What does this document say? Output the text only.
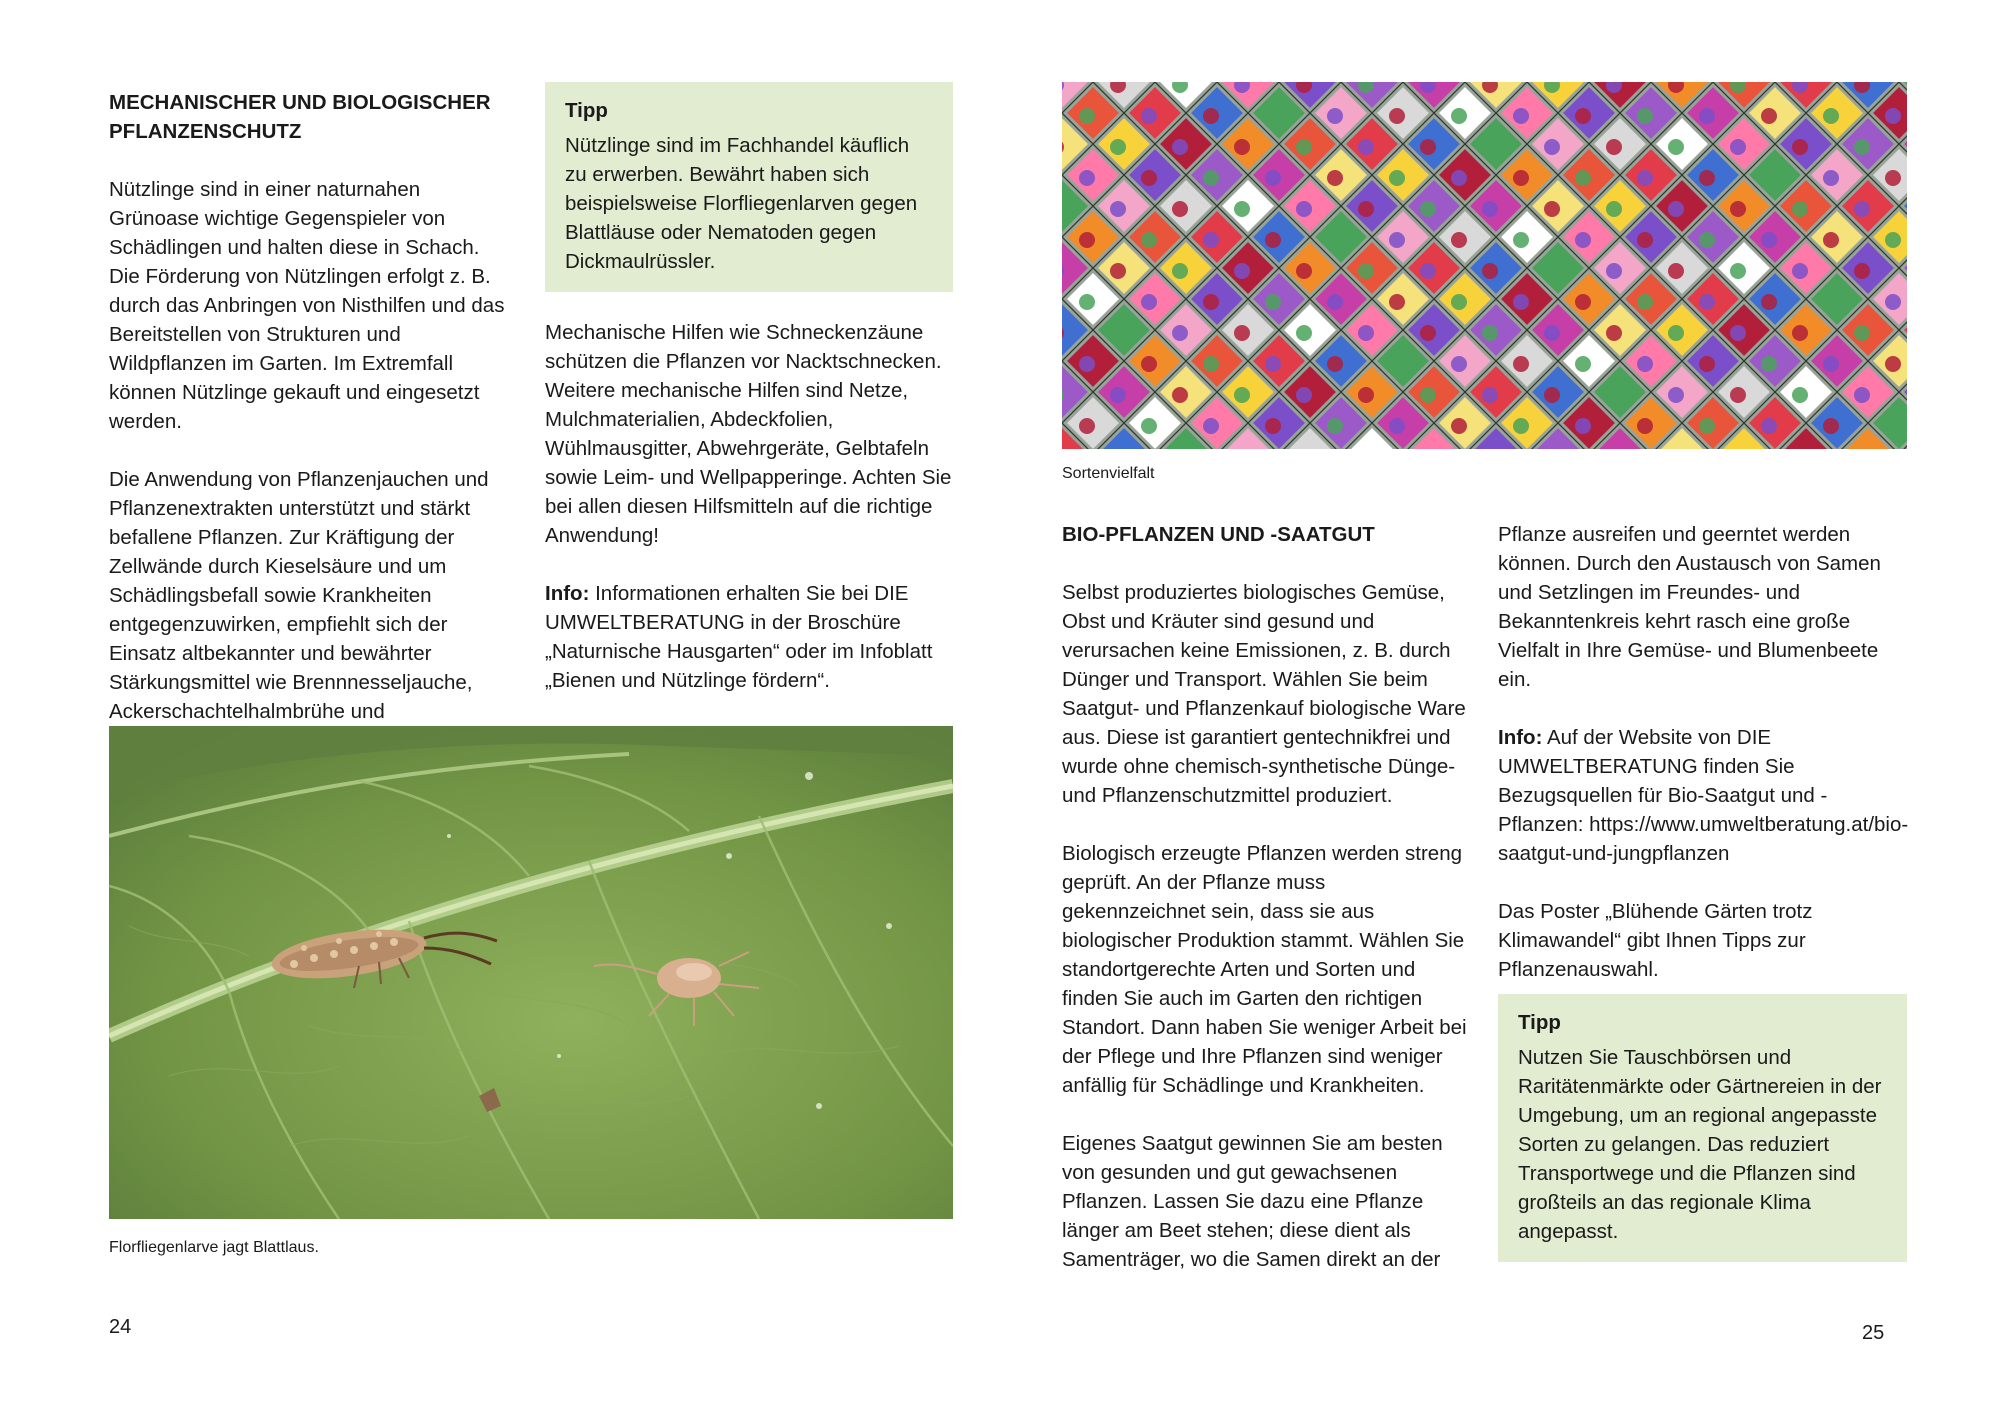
MECHANISCHER UND BIOLOGISCHER
PFLANZENSCHUTZ

Nützlinge sind in einer naturnahen Grünoase wichtige Gegenspieler von Schädlingen und halten diese in Schach. Die Förderung von Nützlingen erfolgt z. B. durch das Anbringen von Nisthilfen und das Bereitstellen von Strukturen und Wildpflanzen im Garten. Im Extremfall können Nützlinge gekauft und eingesetzt werden.

Die Anwendung von Pflanzenjauchen und Pflanzenextrakten unterstützt und stärkt befallene Pflanzen. Zur Kräftigung der Zellwände durch Kieselsäure und um Schädlingsbefall sowie Krankheiten entgegenzuwirken, empfiehlt sich der Einsatz altbekannter und bewährter Stärkungsmittel wie Brennnesseljauche, Ackerschachtelhalmbrühe und

Tipp
Nützlinge sind im Fachhandel käuflich zu erwerben. Bewährt haben sich beispielsweise Florfliegenlarven gegen Blattläuse oder Nematoden gegen Dickmaulrüssler.

Mechanische Hilfen wie Schneckenzäune schützen die Pflanzen vor Nacktschnecken. Weitere mechanische Hilfen sind Netze, Mulchmaterialien, Abdeckfolien, Wühlmausgitter, Abwehrgeräte, Gelbtafeln sowie Leim- und Wellpapperinge. Achten Sie bei allen diesen Hilfsmitteln auf die richtige Anwendung!

Info: Informationen erhalten Sie bei DIE UMWELTBERATUNG in der Broschüre „Naturnische Hausgarten“ oder im Infoblatt „Bienen und Nützlinge fördern“.

Florfliegenlarve jagt Blattlaus.
24
Sortenvielfalt
BIO-PFLANZEN UND -SAATGUT

Selbst produziertes biologisches Gemüse, Obst und Kräuter sind gesund und verursachen keine Emissionen, z. B. durch Dünger und Transport. Wählen Sie beim Saatgut- und Pflanzenkauf biologische Ware aus. Diese ist garantiert gentechnikfrei und wurde ohne chemisch-synthetische Dünge- und Pflanzenschutzmittel produziert.

Biologisch erzeugte Pflanzen werden streng geprüft. An der Pflanze muss gekennzeichnet sein, dass sie aus biologischer Produktion stammt. Wählen Sie standortgerechte Arten und Sorten und finden Sie auch im Garten den richtigen Standort. Dann haben Sie weniger Arbeit bei der Pflege und Ihre Pflanzen sind weniger anfällig für Schädlinge und Krankheiten.

Eigenes Saatgut gewinnen Sie am besten von gesunden und gut gewachsenen Pflanzen. Lassen Sie dazu eine Pflanze länger am Beet stehen; diese dient als Samenträger, wo die Samen direkt an der

Pflanze ausreifen und geerntet werden können. Durch den Austausch von Samen und Setzlingen im Freundes- und Bekanntenkreis kehrt rasch eine große Vielfalt in Ihre Gemüse- und Blumenbeete ein.

Info: Auf der Website von DIE UMWELTBERATUNG finden Sie Bezugsquellen für Bio-Saatgut und -Pflanzen: https://www.umweltberatung.at/bio-saatgut-und-jungpflanzen

Das Poster „Blühende Gärten trotz Klimawandel“ gibt Ihnen Tipps zur Pflanzenauswahl.

Tipp
Nutzen Sie Tauschbörsen und Raritätenmärkte oder Gärtnereien in der Umgebung, um an regional angepasste Sorten zu gelangen. Das reduziert Transportwege und die Pflanzen sind großteils an das regionale Klima angepasst.
25
